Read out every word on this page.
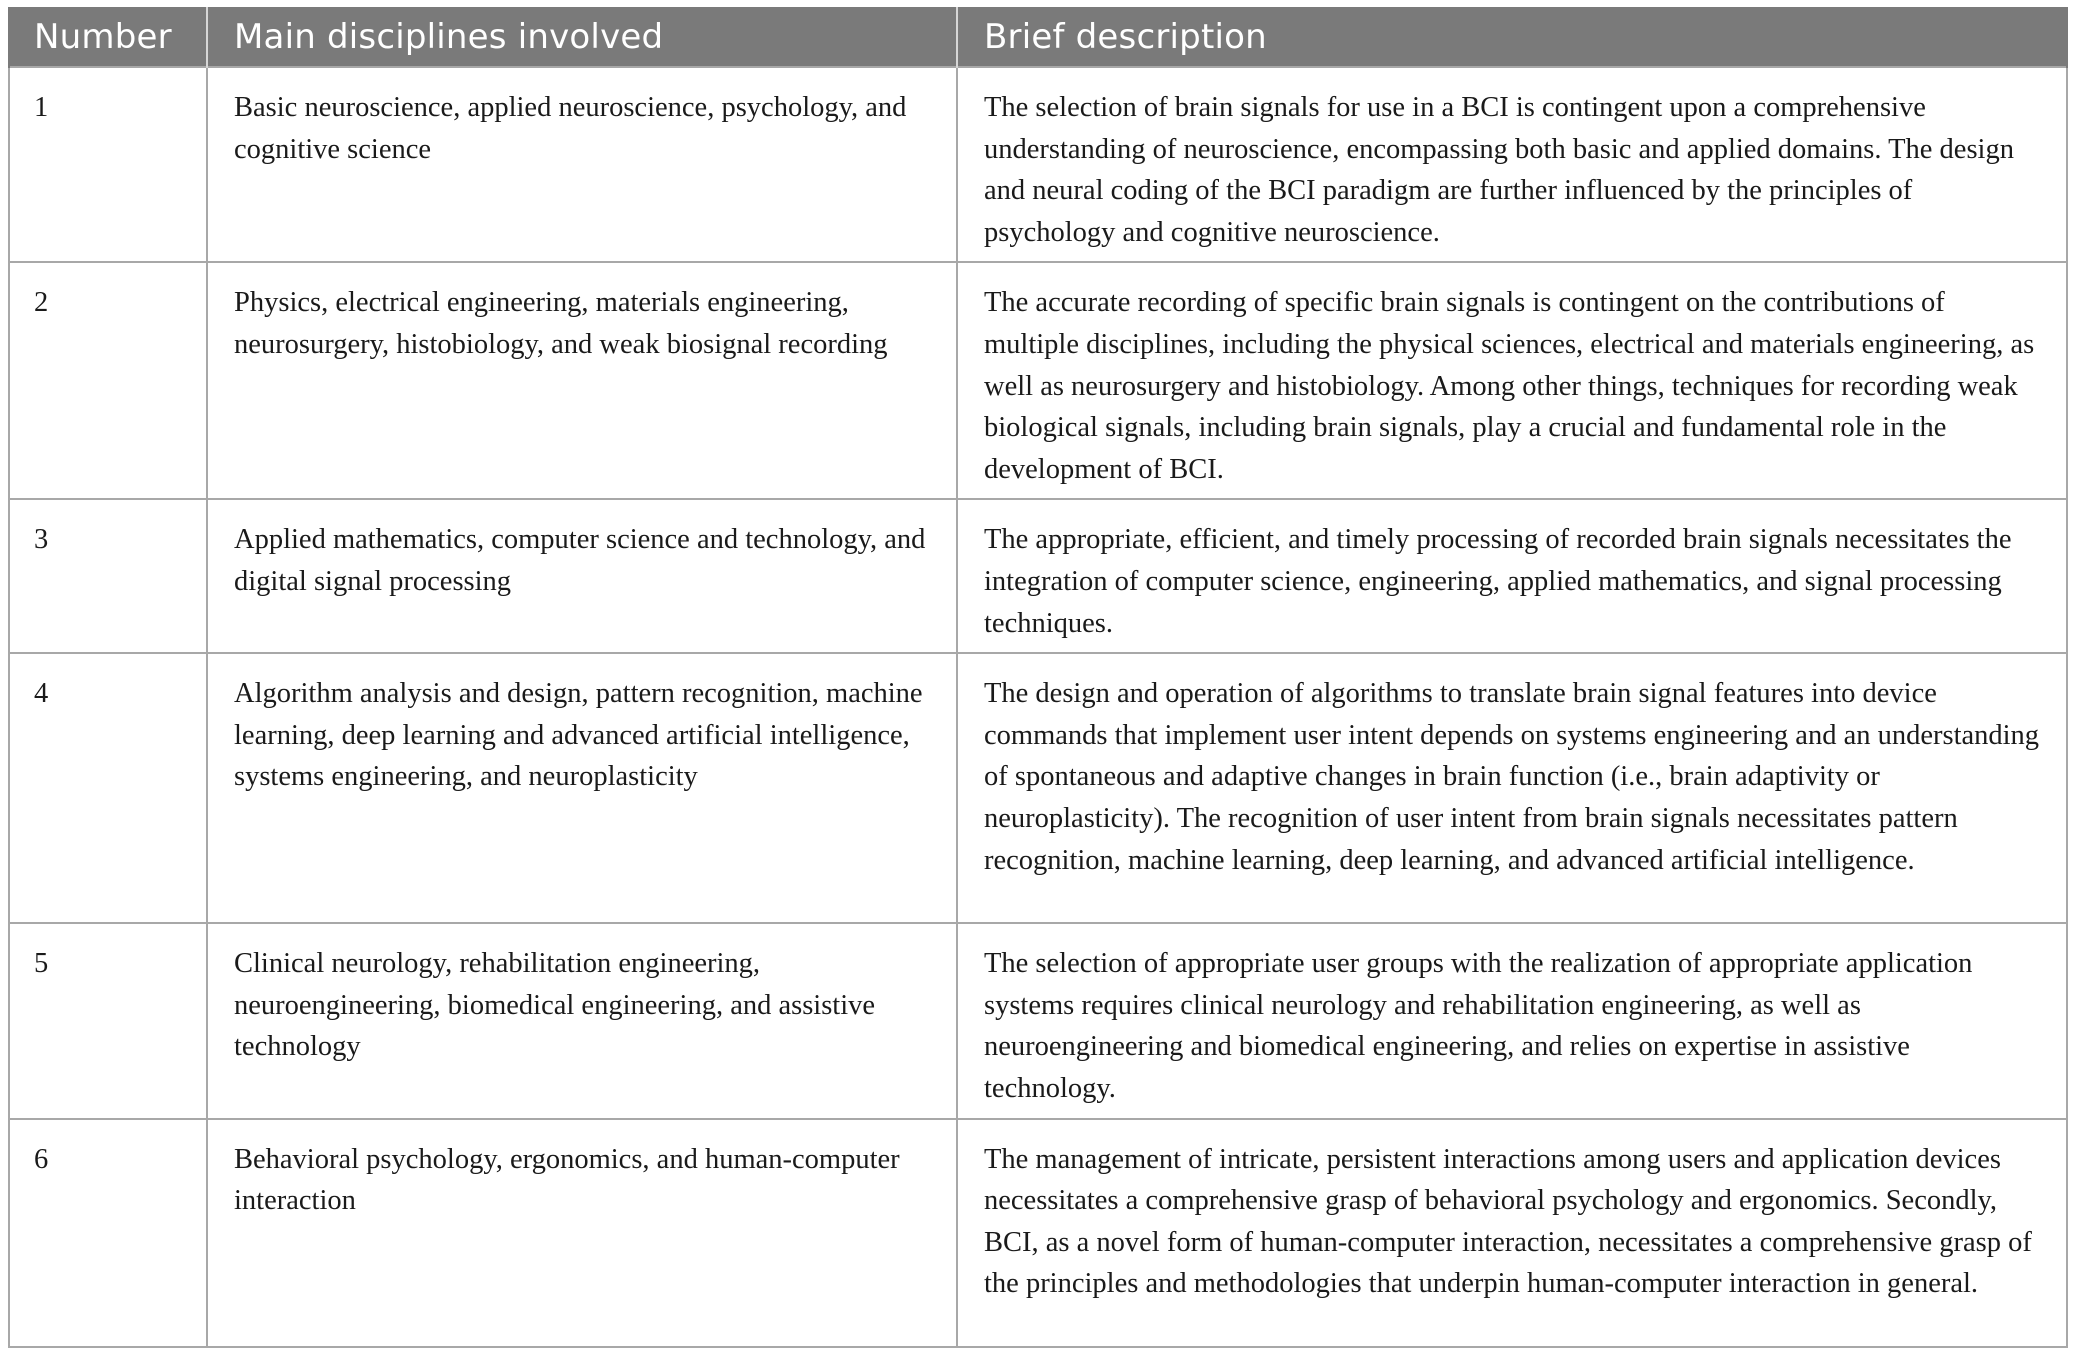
Number	Main disciplines involved	Brief description
1	Basic neuroscience, applied neuroscience, psychology, and cognitive science	The selection of brain signals for use in a BCI is contingent upon a comprehensive understanding of neuroscience, encompassing both basic and applied domains. The design and neural coding of the BCI paradigm are further influenced by the principles of psychology and cognitive neuroscience.
2	Physics, electrical engineering, materials engineering, neurosurgery, histobiology, and weak biosignal recording	The accurate recording of specific brain signals is contingent on the contributions of multiple disciplines, including the physical sciences, electrical and materials engineering, as well as neurosurgery and histobiology. Among other things, techniques for recording weak biological signals, including brain signals, play a crucial and fundamental role in the development of BCI.
3	Applied mathematics, computer science and technology, and digital signal processing	The appropriate, efficient, and timely processing of recorded brain signals necessitates the integration of computer science, engineering, applied mathematics, and signal processing techniques.
4	Algorithm analysis and design, pattern recognition, machine learning, deep learning and advanced artificial intelligence, systems engineering, and neuroplasticity	The design and operation of algorithms to translate brain signal features into device commands that implement user intent depends on systems engineering and an understanding of spontaneous and adaptive changes in brain function (i.e., brain adaptivity or neuroplasticity). The recognition of user intent from brain signals necessitates pattern recognition, machine learning, deep learning, and advanced artificial intelligence.
5	Clinical neurology, rehabilitation engineering, neuroengineering, biomedical engineering, and assistive technology	The selection of appropriate user groups with the realization of appropriate application systems requires clinical neurology and rehabilitation engineering, as well as neuroengineering and biomedical engineering, and relies on expertise in assistive technology.
6	Behavioral psychology, ergonomics, and human-computer interaction	The management of intricate, persistent interactions among users and application devices necessitates a comprehensive grasp of behavioral psychology and ergonomics. Secondly, BCI, as a novel form of human-computer interaction, necessitates a comprehensive grasp of the principles and methodologies that underpin human-computer interaction in general.
